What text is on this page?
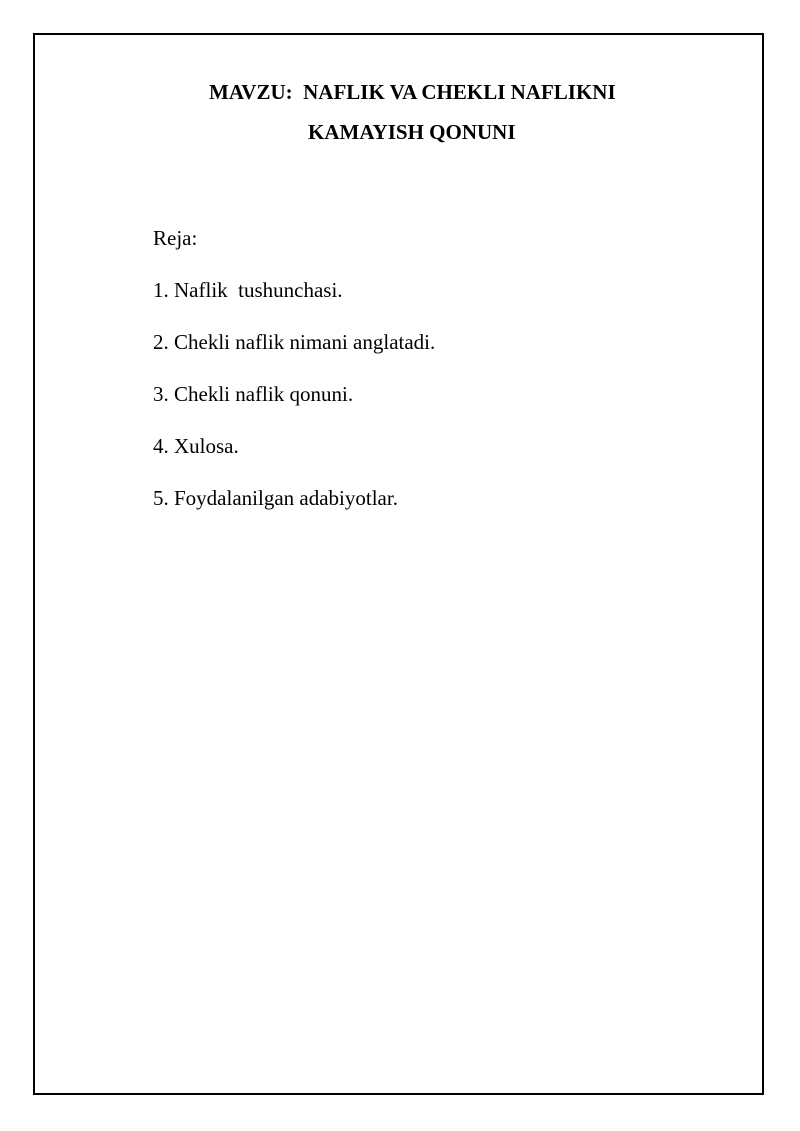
MAVZU:  NAFLIK VA CHEKLI NAFLIKNI
KAMAYISH QONUNI
Reja:
1. Naflik  tushunchasi.
2. Chekli naflik nimani anglatadi.
3. Chekli naflik qonuni.
4. Xulosa.
5. Foydalanilgan adabiyotlar.
